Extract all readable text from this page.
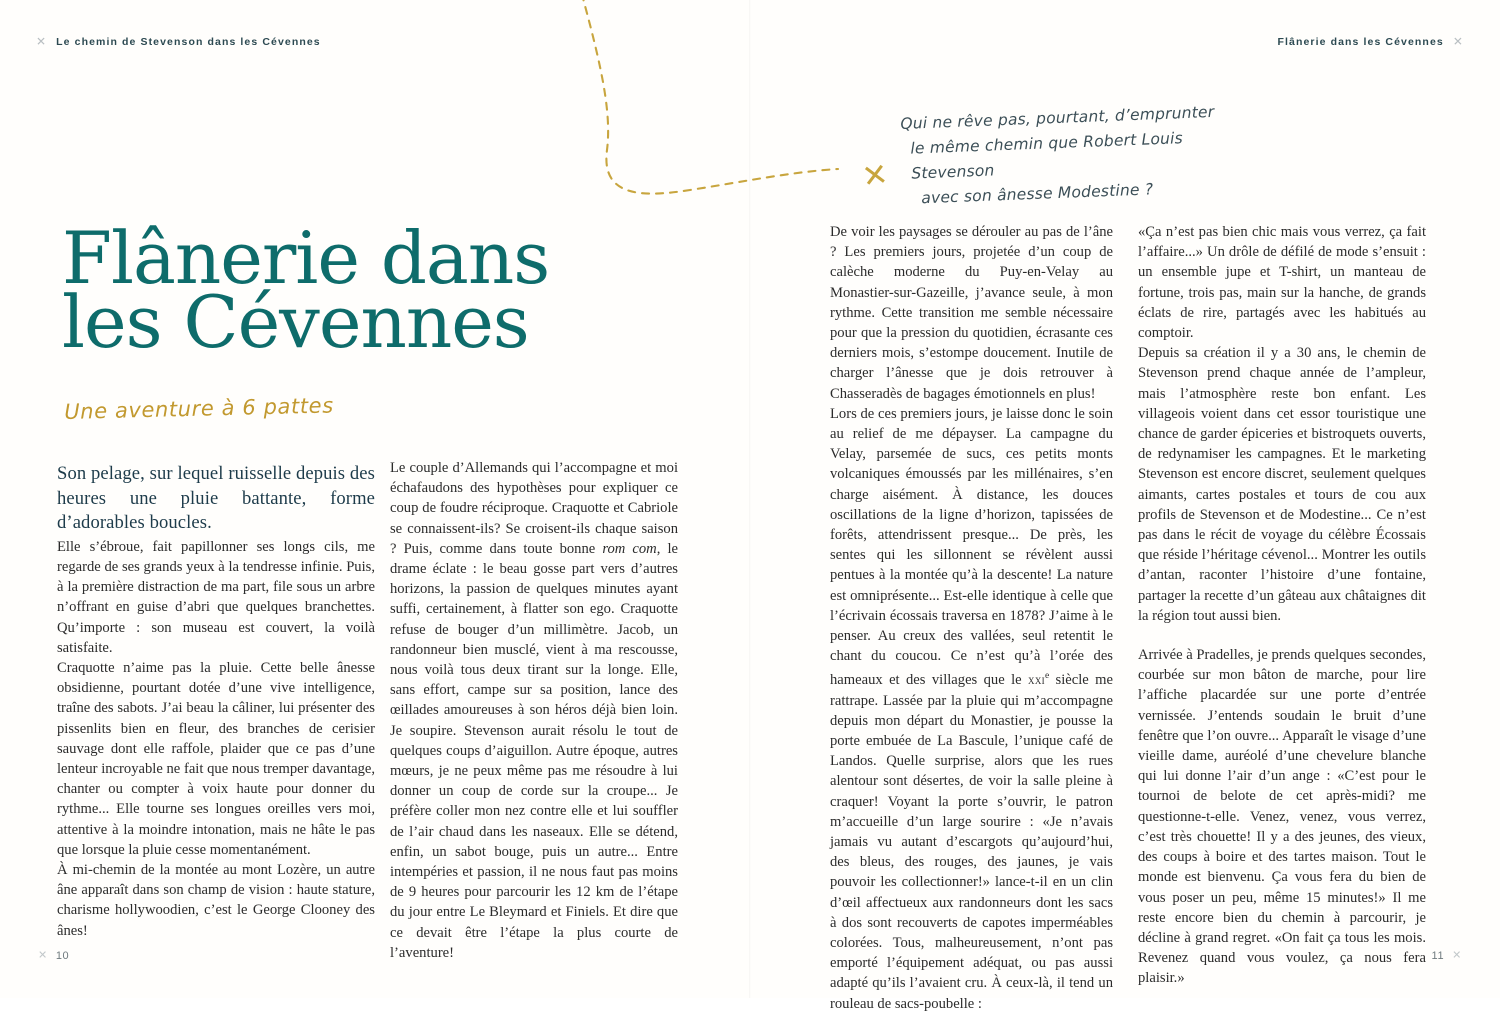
✕ Le chemin de Stevenson dans les Cévennes	Flânerie dans les Cévennes ✕
✕
Qui ne rêve pas, pourtant, d’emprunter
le même chemin que Robert Louis Stevenson
avec son ânesse Modestine ?
Flânerie dans
les Cévennes
Une aventure à 6 pattes

Son pelage, sur lequel ruisselle depuis des heures une pluie battante, forme d’adorables boucles.

Elle s’ébroue, fait papillonner ses longs cils, me regarde de ses grands yeux à la tendresse infinie. Puis, à la première distraction de ma part, file sous un arbre n’offrant en guise d’abri que quelques branchettes. Qu’importe : son museau est couvert, la voilà satisfaite.

Craquotte n’aime pas la pluie. Cette belle ânesse obsidienne, pourtant dotée d’une vive intelligence, traîne des sabots. J’ai beau la câliner, lui présenter des pissenlits bien en fleur, des branches de cerisier sauvage dont elle raffole, plaider que ce pas d’une lenteur incroyable ne fait que nous tremper davantage, chanter ou compter à voix haute pour donner du rythme... Elle tourne ses longues oreilles vers moi, attentive à la moindre intonation, mais ne hâte le pas que lorsque la pluie cesse momentanément.

À mi-chemin de la montée au mont Lozère, un autre âne apparaît dans son champ de vision : haute stature, charisme hollywoodien, c’est le George Clooney des ânes!

Le couple d’Allemands qui l’accompagne et moi échafaudons des hypothèses pour expliquer ce coup de foudre réciproque. Craquotte et Cabriole se connaissent-ils? Se croisent-ils chaque saison ? Puis, comme dans toute bonne rom com, le drame éclate : le beau gosse part vers d’autres horizons, la passion de quelques minutes ayant suffi, certainement, à flatter son ego. Craquotte refuse de bouger d’un millimètre. Jacob, un randonneur bien musclé, vient à ma rescousse, nous voilà tous deux tirant sur la longe. Elle, sans effort, campe sur sa position, lance des œillades amoureuses à son héros déjà bien loin. Je soupire. Stevenson aurait résolu le tout de quelques coups d’aiguillon. Autre époque, autres mœurs, je ne peux même pas me résoudre à lui donner un coup de corde sur la croupe... Je préfère coller mon nez contre elle et lui souffler de l’air chaud dans les naseaux. Elle se détend, enfin, un sabot bouge, puis un autre... Entre intempéries et passion, il ne nous faut pas moins de 9 heures pour parcourir les 12 km de l’étape du jour entre Le Bleymard et Finiels. Et dire que ce devait être l’étape la plus courte de l’aventure!

De voir les paysages se dérouler au pas de l’âne ? Les premiers jours, projetée d’un coup de calèche moderne du Puy-en-Velay au Monastier-sur-Gazeille, j’avance seule, à mon rythme. Cette transition me semble nécessaire pour que la pression du quotidien, écrasante ces derniers mois, s’estompe doucement. Inutile de charger l’ânesse que je dois retrouver à Chasseradès de bagages émotionnels en plus!

Lors de ces premiers jours, je laisse donc le soin au relief de me dépayser. La campagne du Velay, parsemée de sucs, ces petits monts volcaniques émoussés par les millénaires, s’en charge aisément. À distance, les douces oscillations de la ligne d’horizon, tapissées de forêts, attendrissent presque... De près, les sentes qui les sillonnent se révèlent aussi pentues à la montée qu’à la descente! La nature est omniprésente... Est-elle identique à celle que l’écrivain écossais traversa en 1878? J’aime à le penser. Au creux des vallées, seul retentit le chant du coucou. Ce n’est qu’à l’orée des hameaux et des villages que le xxi$^e$ siècle me rattrape. Lassée par la pluie qui m’accompagne depuis mon départ du Monastier, je pousse la porte embuée de La Bascule, l’unique café de Landos. Quelle surprise, alors que les rues alentour sont désertes, de voir la salle pleine à craquer! Voyant la porte s’ouvrir, le patron m’accueille d’un large sourire : «Je n’avais jamais vu autant d’escargots qu’aujourd’hui, des bleus, des rouges, des jaunes, je vais pouvoir les collectionner!» lance-t-il en un clin d’œil affectueux aux randonneurs dont les sacs à dos sont recouverts de capotes imperméables colorées. Tous, malheureusement, n’ont pas emporté l’équipement adéquat, ou pas aussi adapté qu’ils l’avaient cru. À ceux-là, il tend un rouleau de sacs-poubelle :

«Ça n’est pas bien chic mais vous verrez, ça fait l’affaire...» Un drôle de défilé de mode s’ensuit : un ensemble jupe et T-shirt, un manteau de fortune, trois pas, main sur la hanche, de grands éclats de rire, partagés avec les habitués au comptoir.

Depuis sa création il y a 30 ans, le chemin de Stevenson prend chaque année de l’ampleur, mais l’atmosphère reste bon enfant. Les villageois voient dans cet essor touristique une chance de garder épiceries et bistroquets ouverts, de redynamiser les campagnes. Et le marketing Stevenson est encore discret, seulement quelques aimants, cartes postales et tours de cou aux profils de Stevenson et de Modestine... Ce n’est pas dans le récit de voyage du célèbre Écossais que réside l’héritage cévenol... Montrer les outils d’antan, raconter l’histoire d’une fontaine, partager la recette d’un gâteau aux châtaignes dit la région tout aussi bien.

Arrivée à Pradelles, je prends quelques secondes, courbée sur mon bâton de marche, pour lire l’affiche placardée sur une porte d’entrée vernissée. J’entends soudain le bruit d’une fenêtre que l’on ouvre... Apparaît le visage d’une vieille dame, auréolé d’une chevelure blanche qui lui donne l’air d’un ange : «C’est pour le tournoi de belote de cet après-midi? me questionne-t-elle. Venez, venez, vous verrez, c’est très chouette! Il y a des jeunes, des vieux, des coups à boire et des tartes maison. Tout le monde est bienvenu. Ça vous fera du bien de vous poser un peu, même 15 minutes!» Il me reste encore bien du chemin à parcourir, je décline à grand regret. «On fait ça tous les mois. Revenez quand vous voulez, ça nous fera plaisir.»

✕ 10	11 ✕
